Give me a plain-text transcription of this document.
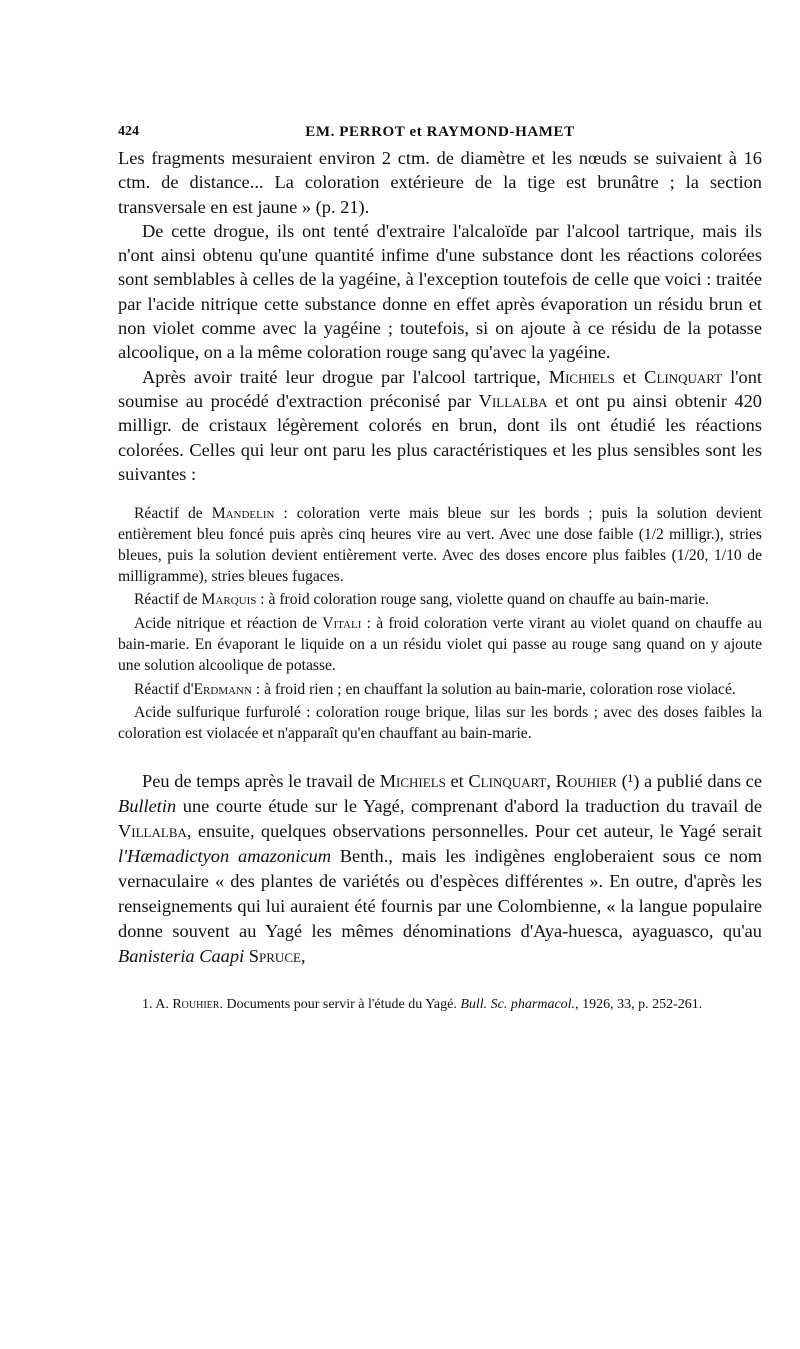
424	EM. PERROT et RAYMOND-HAMET

Les fragments mesuraient environ 2 ctm. de diamètre et les nœuds se suivaient à 16 ctm. de distance... La coloration extérieure de la tige est brunâtre ; la section transversale en est jaune » (p. 21).

De cette drogue, ils ont tenté d'extraire l'alcaloïde par l'alcool tartrique, mais ils n'ont ainsi obtenu qu'une quantité infime d'une substance dont les réactions colorées sont semblables à celles de la yagéine, à l'exception toutefois de celle que voici : traitée par l'acide nitrique cette substance donne en effet après évaporation un résidu brun et non violet comme avec la yagéine ; toutefois, si on ajoute à ce résidu de la potasse alcoolique, on a la même coloration rouge sang qu'avec la yagéine.

Après avoir traité leur drogue par l'alcool tartrique, Michiels et Clinquart l'ont soumise au procédé d'extraction préconisé par Villalba et ont pu ainsi obtenir 420 milligr. de cristaux légèrement colorés en brun, dont ils ont étudié les réactions colorées. Celles qui leur ont paru les plus caractéristiques et les plus sensibles sont les suivantes :

Réactif de Mandelin : coloration verte mais bleue sur les bords ; puis la solution devient entièrement bleu foncé puis après cinq heures vire au vert. Avec une dose faible (1/2 milligr.), stries bleues, puis la solution devient entièrement verte. Avec des doses encore plus faibles (1/20, 1/10 de milligramme), stries bleues fugaces.

Réactif de Marquis : à froid coloration rouge sang, violette quand on chauffe au bain-marie.

Acide nitrique et réaction de Vitali : à froid coloration verte virant au violet quand on chauffe au bain-marie. En évaporant le liquide on a un résidu violet qui passe au rouge sang quand on y ajoute une solution alcoolique de potasse.

Réactif d'Erdmann : à froid rien ; en chauffant la solution au bain-marie, coloration rose violacé.

Acide sulfurique furfurolé : coloration rouge brique, lilas sur les bords ; avec des doses faibles la coloration est violacée et n'apparaît qu'en chauffant au bain-marie.

Peu de temps après le travail de Michiels et Clinquart, Rouhier (¹) a publié dans ce Bulletin une courte étude sur le Yagé, comprenant d'abord la traduction du travail de Villalba, ensuite, quelques observations personnelles. Pour cet auteur, le Yagé serait l'Hæmadictyon amazonicum Benth., mais les indigènes engloberaient sous ce nom vernaculaire « des plantes de variétés ou d'espèces différentes ». En outre, d'après les renseignements qui lui auraient été fournis par une Colombienne, « la langue populaire donne souvent au Yagé les mêmes dénominations d'Aya-huesca, ayaguasco, qu'au Banisteria Caapi Spruce,

1. A. Rouhier. Documents pour servir à l'étude du Yagé. Bull. Sc. pharmacol., 1926, 33, p. 252-261.
